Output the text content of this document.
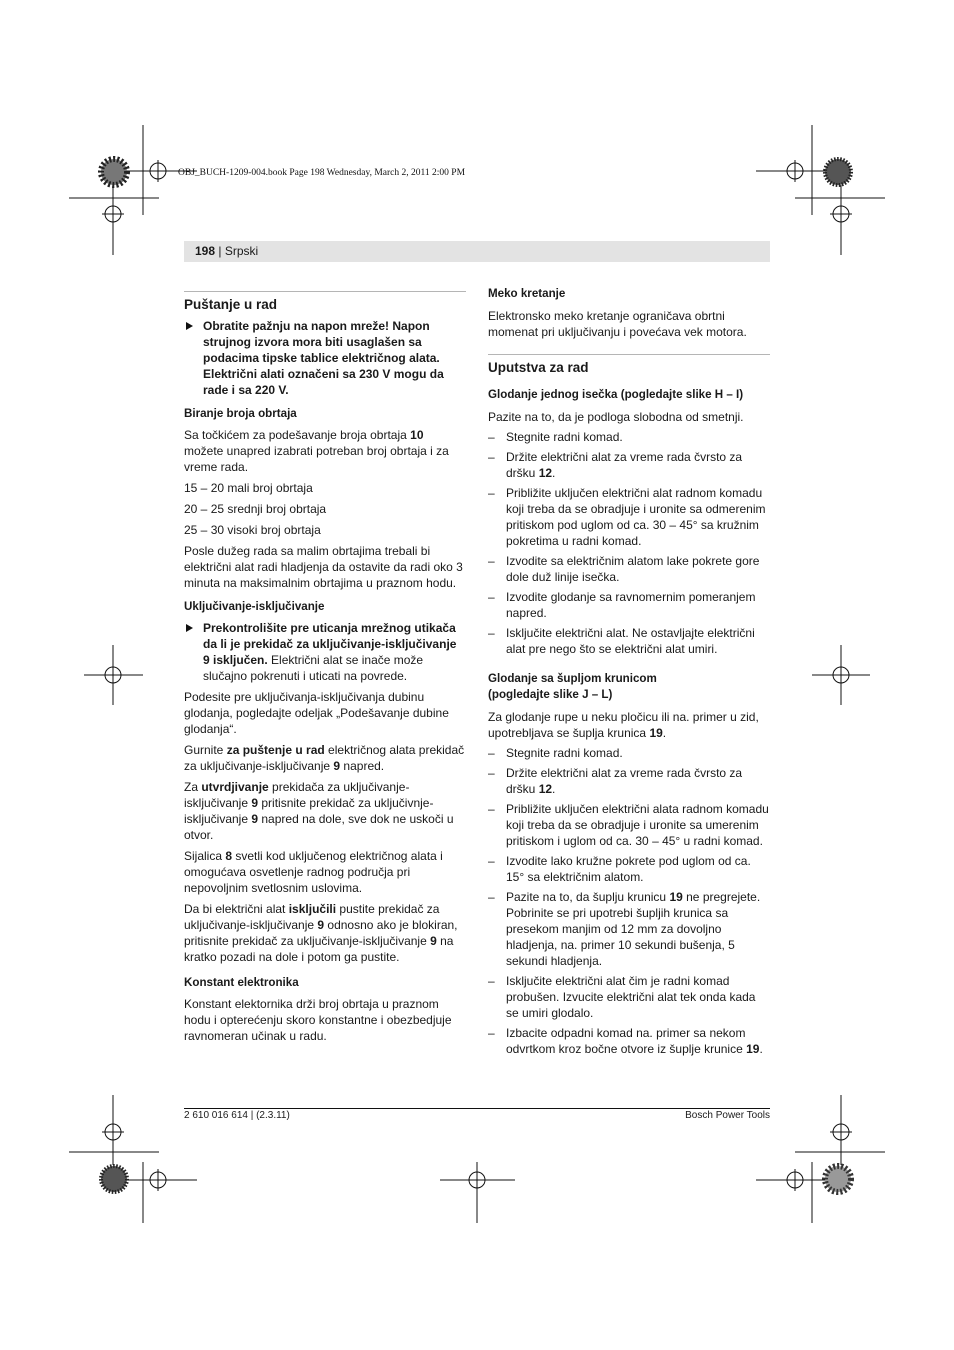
OBJ_BUCH-1209-004.book Page 198 Wednesday, March 2, 2011 2:00 PM
198 | Srpski
Puštanje u rad
Obratite pažnju na napon mreže! Napon strujnog izvora mora biti usaglašen sa podacima tipske tablice električnog alata. Električni alati označeni sa 230 V mogu da rade i sa 220 V.
Biranje broja obrtaja

Sa točkićem za podešavanje broja obrtaja 10 možete unapred izabrati potreban broj obrtaja i za vreme rada.

15 – 20 mali broj obrtaja

20 – 25 srednji broj obrtaja

25 – 30 visoki broj obrtaja

Posle dužeg rada sa malim obrtajima trebali bi električni alat radi hladjenja da ostavite da radi oko 3 minuta na maksimalnim obrtajima u praznom hodu.

Uključivanje-isključivanje
Prekontrolišite pre uticanja mrežnog utikača da li je prekidač za uključivanje-isključivanje 9 isključen. Električni alat se inače može slučajno pokrenuti i uticati na povrede.

Podesite pre uključivanja-isključivanja dubinu glodanja, pogledajte odeljak „Podešavanje dubine glodanja“.

Gurnite za puštenje u rad električnog alata prekidač za uključivanje-isključivanje 9 napred.

Za utvrdjivanje prekidača za uključivanje-isključivanje 9 pritisnite prekidač za uključivnje-isključivanje 9 napred na dole, sve dok ne uskoči u otvor.

Sijalica 8 svetli kod uključenog električnog alata i omogućava osvetlenje radnog područja pri nepovoljnim svetlosnim uslovima.

Da bi električni alat isključili pustite prekidač za uključivanje-isključivanje 9 odnosno ako je blokiran, pritisnite prekidač za uključivanje-isključivanje 9 na kratko pozadi na dole i potom ga pustite.

Konstant elektronika

Konstant elektornika drži broj obrtaja u praznom hodu i opterećenju skoro konstantne i obezbedjuje ravnomeran učinak u radu.

Meko kretanje

Elektronsko meko kretanje ograničava obrtni momenat pri uključivanju i povećava vek motora.

Uputstva za rad
Glodanje jednog isečka (pogledajte slike H – I)

Pazite na to, da je podloga slobodna od smetnji.

– Stegnite radni komad.
– Držite električni alat za vreme rada čvrsto za dršku 12.
– Približite uključen električni alat radnom komadu koji treba da se obradjuje i uronite sa odmerenim pritiskom pod uglom od ca. 30 – 45° sa kružnim pokretima u radni komad.
– Izvodite sa električnim alatom lake pokrete gore dole duž linije isečka.
– Izvodite glodanje sa ravnomernim pomeranjem napred.
– Isključite električni alat. Ne ostavljajte električni alat pre nego što se električni alat umiri.
Glodanje sa šupljom krunicom
(pogledajte slike J – L)

Za glodanje rupe u neku pločicu ili na. primer u zid, upotrebljava se šuplja krunica 19.

– Stegnite radni komad.
– Držite električni alat za vreme rada čvrsto za dršku 12.
– Približite uključen električni alata radnom komadu koji treba da se obradjuje i uronite sa umerenim pritiskom i uglom od ca. 30 – 45° u radni komad.
– Izvodite lako kružne pokrete pod uglom od ca. 15° sa električnim alatom.
– Pazite na to, da šuplju krunicu 19 ne pregrejete. Pobrinite se pri upotrebi šupljih krunica sa presekom manjim od 12 mm za dovoljno hladjenja, na. primer 10 sekundi bušenja, 5 sekundi hladjenja.
– Isključite električni alat čim je radni komad probušen. Izvucite električni alat tek onda kada se umiri glodalo.
– Izbacite odpadni komad na. primer sa nekom odvrtkom kroz bočne otvore iz šuplje krunice 19.
2 610 016 614 | (2.3.11)	Bosch Power Tools
